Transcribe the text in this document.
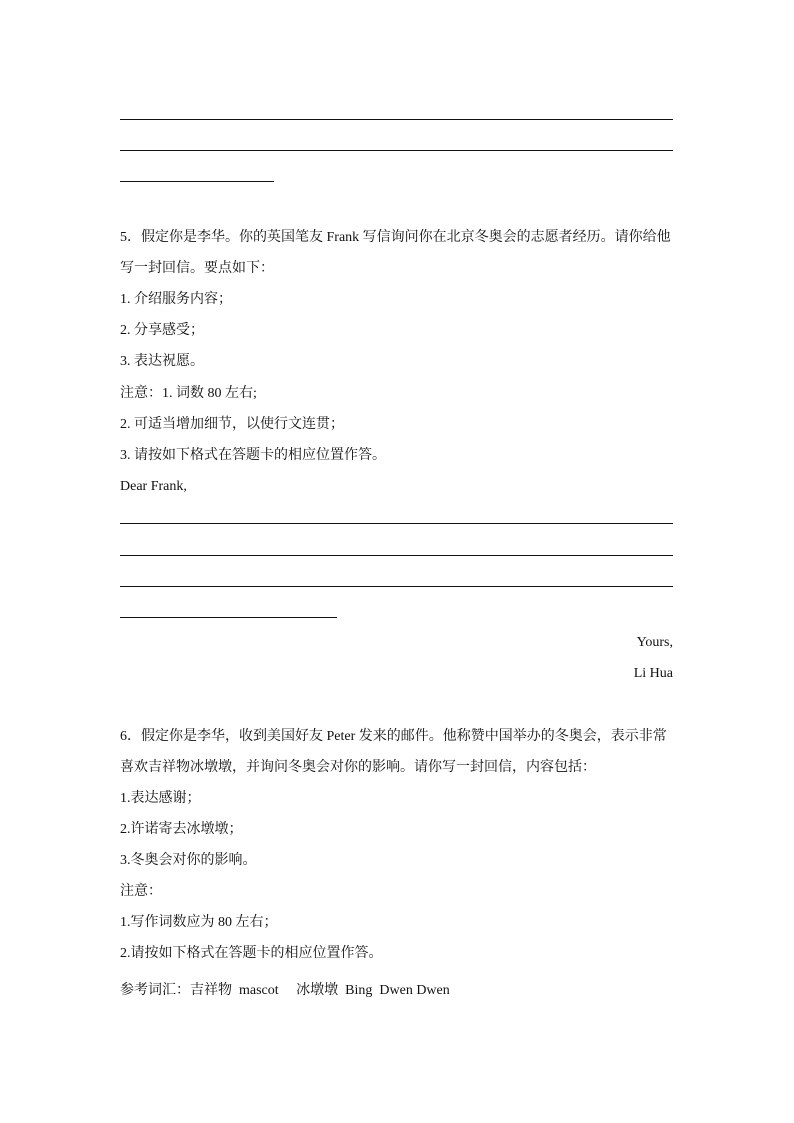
5．假定你是李华。你的英国笔友 Frank 写信询问你在北京冬奥会的志愿者经历。请你给他
写一封回信。要点如下：
1. 介绍服务内容；
2. 分享感受；
3. 表达祝愿。
注意：1. 词数 80 左右;
2. 可适当增加细节，以使行文连贯；
3. 请按如下格式在答题卡的相应位置作答。
Dear Frank,
Yours,
Li Hua
6．假定你是李华，收到美国好友 Peter 发来的邮件。他称赞中国举办的冬奥会，表示非常
喜欢吉祥物冰墩墩，并询问冬奥会对你的影响。请你写一封回信，内容包括：
1.表达感谢；
2.许诺寄去冰墩墩；
3.冬奥会对你的影响。
注意：
1.写作词数应为 80 左右；
2.请按如下格式在答题卡的相应位置作答。
参考词汇：吉祥物  mascot     冰墩墩  Bing  Dwen Dwen
